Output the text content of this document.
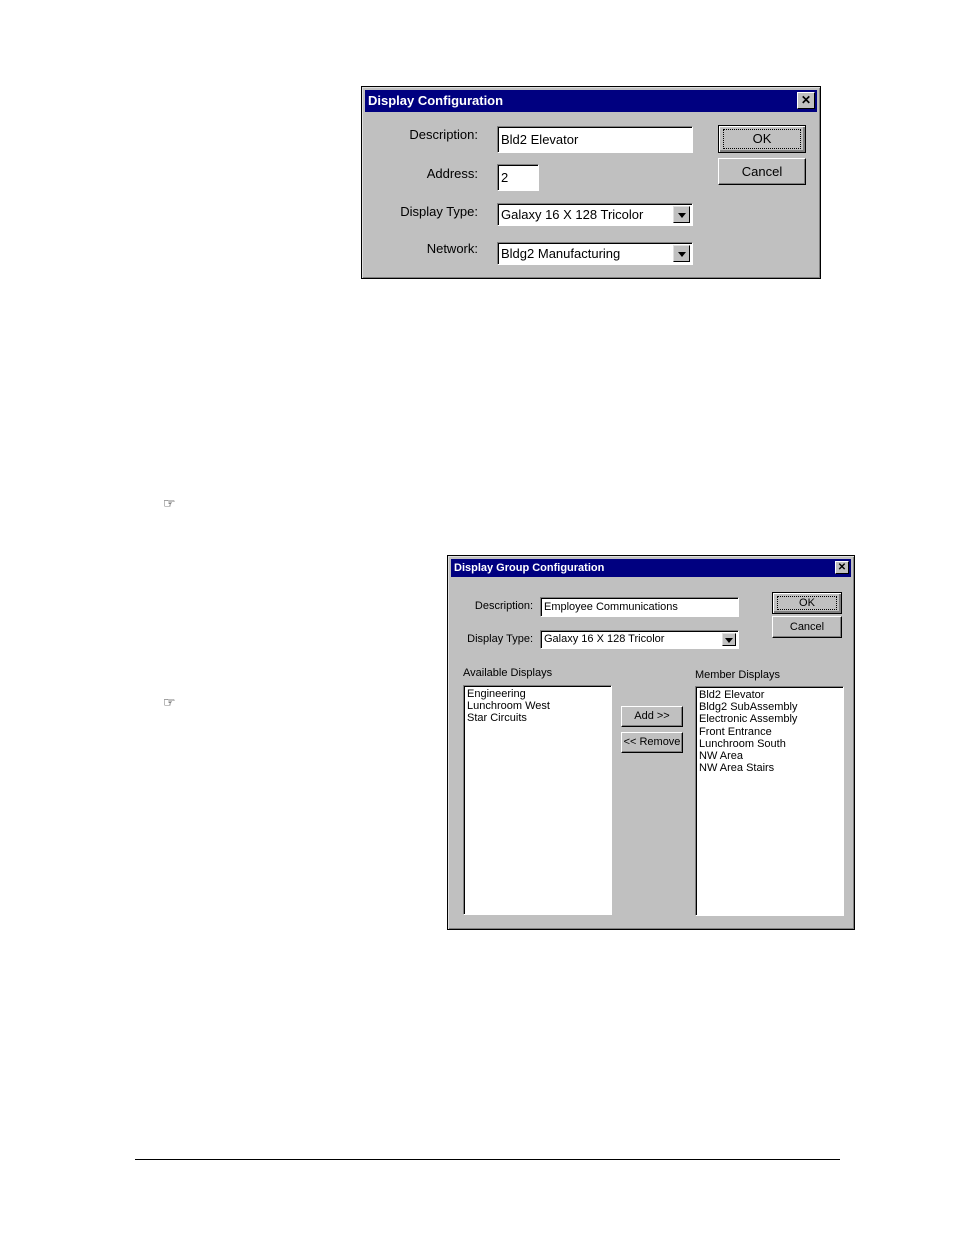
Display Configuration	✕
Description:	Bld2 Elevator
Address:	2
Display Type:	Galaxy 16 X 128 Tricolor
Network:	Bldg2 Manufacturing
OK
Cancel
☞
☞
Display Group Configuration	✕
Description:	Employee Communications
Display Type:	Galaxy 16 X 128 Tricolor
OK
Cancel
Available Displays
Engineering
Lunchroom West
Star Circuits	Add >>
<< Remove
Member Displays
Bld2 Elevator
Bldg2 SubAssembly
Electronic Assembly
Front Entrance
Lunchroom South
NW Area
NW Area Stairs
